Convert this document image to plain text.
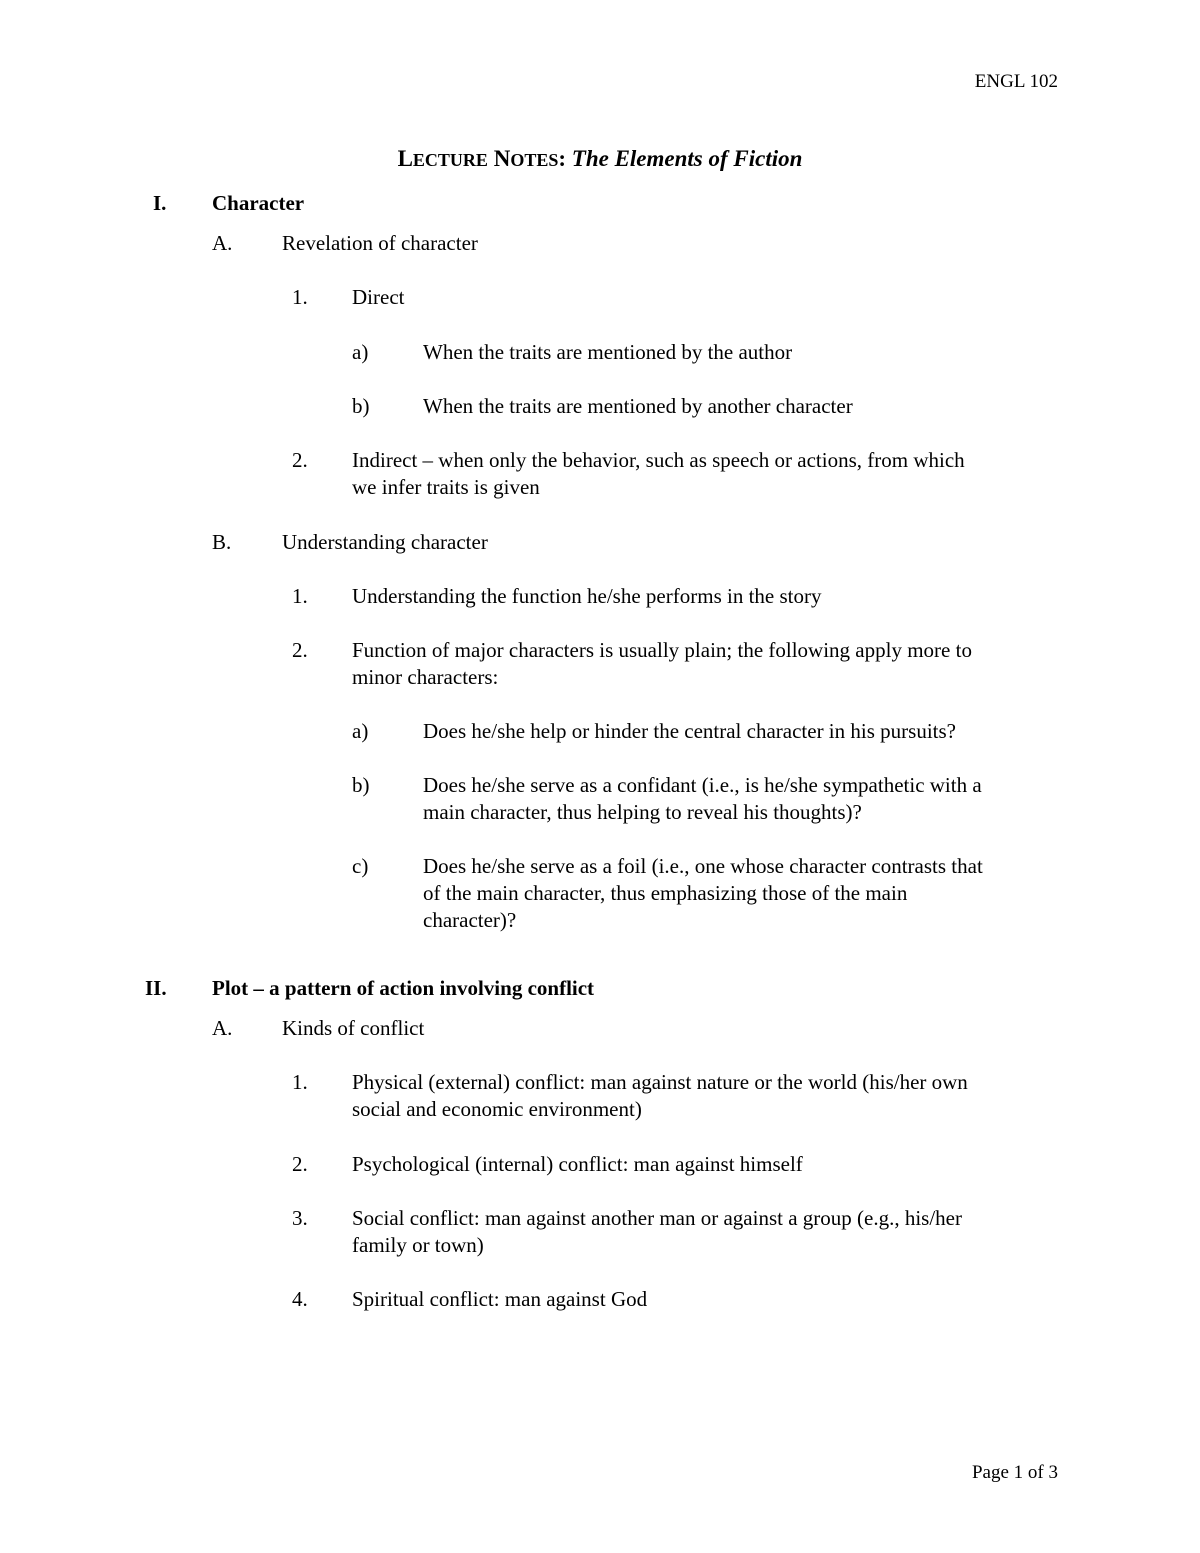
ENGL 102
LECTURE NOTES: The Elements of Fiction
I. Character
A. Revelation of character
1. Direct
a)	When the traits are mentioned by the author
b)	When the traits are mentioned by another character
2. Indirect – when only the behavior, such as speech or actions, from which
we infer traits is given
B. Understanding character
1. Understanding the function he/she performs in the story
2. Function of major characters is usually plain; the following apply more to
minor characters:
a)	Does he/she help or hinder the central character in his pursuits?
b)	Does he/she serve as a confidant (i.e., is he/she sympathetic with a
main character, thus helping to reveal his thoughts)?
c)	Does he/she serve as a foil (i.e., one whose character contrasts that
of the main character, thus emphasizing those of the main
character)?
II. Plot – a pattern of action involving conflict
A. Kinds of conflict
1. Physical (external) conflict: man against nature or the world (his/her own
social and economic environment)
2. Psychological (internal) conflict: man against himself
3. Social conflict: man against another man or against a group (e.g., his/her
family or town)
4. Spiritual conflict: man against God
Page 1 of 3
